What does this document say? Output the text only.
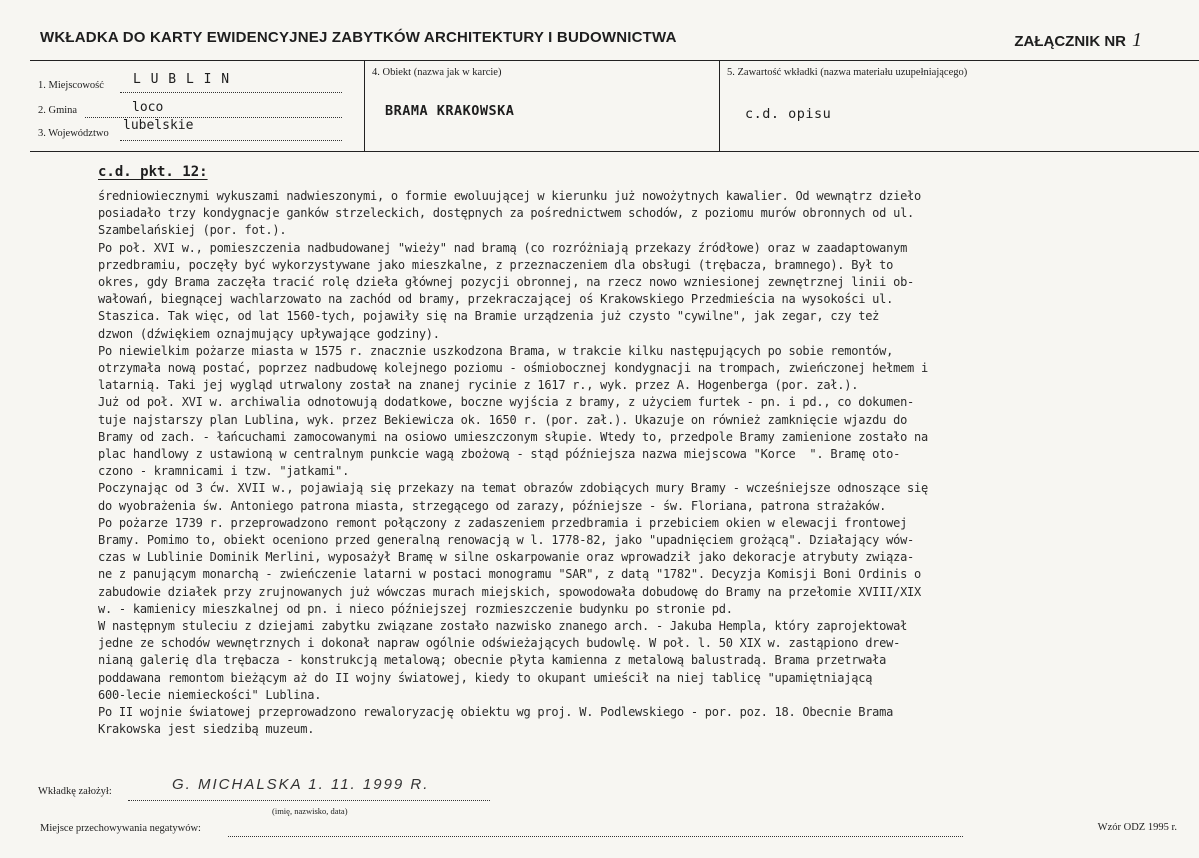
WKŁADKA DO KARTY EWIDENCYJNEJ ZABYTKÓW ARCHITEKTURY I BUDOWNICTWA	ZAŁĄCZNIK NR 1
1. Miejscowość L U B L I N
2. Gmina	loco
3. Województwo
lubelskie
4. Obiekt (nazwa jak w karcie)
BRAMA KRAKOWSKA
5. Zawartość wkładki (nazwa materiału uzupełniającego)
c.d. opisu
c.d. pkt. 12:
średniowiecznymi wykuszami nadwieszonymi, o formie ewoluującej w kierunku już nowożytnych kawalier. Od wewnątrz dzieło
posiadało trzy kondygnacje ganków strzeleckich, dostępnych za pośrednictwem schodów, z poziomu murów obronnych od ul.
Szambelańskiej (por. fot.).
Po poł. XVI w., pomieszczenia nadbudowanej "wieży" nad bramą (co rozróżniają przekazy źródłowe) oraz w zaadaptowanym
przedbramiu, poczęły być wykorzystywane jako mieszkalne, z przeznaczeniem dla obsługi (trębacza, bramnego). Był to
okres, gdy Brama zaczęła tracić rolę dzieła głównej pozycji obronnej, na rzecz nowo wzniesionej zewnętrznej linii ob-
wałowań, biegnącej wachlarzowato na zachód od bramy, przekraczającej oś Krakowskiego Przedmieścia na wysokości ul.
Staszica. Tak więc, od lat 1560-tych, pojawiły się na Bramie urządzenia już czysto "cywilne", jak zegar, czy też
dzwon (dźwiękiem oznajmujący upływające godziny).
Po niewielkim pożarze miasta w 1575 r. znacznie uszkodzona Brama, w trakcie kilku następujących po sobie remontów,
otrzymała nową postać, poprzez nadbudowę kolejnego poziomu - ośmiobocznej kondygnacji na trompach, zwieńczonej hełmem i
latarnią. Taki jej wygląd utrwalony został na znanej rycinie z 1617 r., wyk. przez A. Hogenberga (por. zał.).
Już od poł. XVI w. archiwalia odnotowują dodatkowe, boczne wyjścia z bramy, z użyciem furtek - pn. i pd., co dokumen-
tuje najstarszy plan Lublina, wyk. przez Bekiewicza ok. 1650 r. (por. zał.). Ukazuje on również zamknięcie wjazdu do
Bramy od zach. - łańcuchami zamocowanymi na osiowo umieszczonym słupie. Wtedy to, przedpole Bramy zamienione zostało na
plac handlowy z ustawioną w centralnym punkcie wagą zbożową - stąd późniejsza nazwa miejscowa "Korce  ". Bramę oto-
czono - kramnicami i tzw. "jatkami".
Poczynając od 3 ćw. XVII w., pojawiają się przekazy na temat obrazów zdobiących mury Bramy - wcześniejsze odnoszące się
do wyobrażenia św. Antoniego patrona miasta, strzegącego od zarazy, późniejsze - św. Floriana, patrona strażaków.
Po pożarze 1739 r. przeprowadzono remont połączony z zadaszeniem przedbramia i przebiciem okien w elewacji frontowej
Bramy. Pomimo to, obiekt oceniono przed generalną renowacją w l. 1778-82, jako "upadnięciem grożącą". Działający wów-
czas w Lublinie Dominik Merlini, wyposażył Bramę w silne oskarpowanie oraz wprowadził jako dekoracje atrybuty związa-
ne z panującym monarchą - zwieńczenie latarni w postaci monogramu "SAR", z datą "1782". Decyzja Komisji Boni Ordinis o
zabudowie działek przy zrujnowanych już wówczas murach miejskich, spowodowała dobudowę do Bramy na przełomie XVIII/XIX
w. - kamienicy mieszkalnej od pn. i nieco późniejszej rozmieszczenie budynku po stronie pd.
W następnym stuleciu z dziejami zabytku związane zostało nazwisko znanego arch. - Jakuba Hempla, który zaprojektował
jedne ze schodów wewnętrznych i dokonał napraw ogólnie odświeżających budowlę. W poł. l. 50 XIX w. zastąpiono drew-
nianą galerię dla trębacza - konstrukcją metalową; obecnie płyta kamienna z metalową balustradą. Brama przetrwała
poddawana remontom bieżącym aż do II wojny światowej, kiedy to okupant umieścił na niej tablicę "upamiętniającą
600-lecie niemieckości" Lublina.
Po II wojnie światowej przeprowadzono rewaloryzację obiektu wg proj. W. Podlewskiego - por. poz. 18. Obecnie Brama
Krakowska jest siedzibą muzeum.
Wkładkę założył:	G. MICHALSKA 1. 11. 1999 R.
(imię, nazwisko, data)
Miejsce przechowywania negatywów:	Wzór ODZ 1995 r.
